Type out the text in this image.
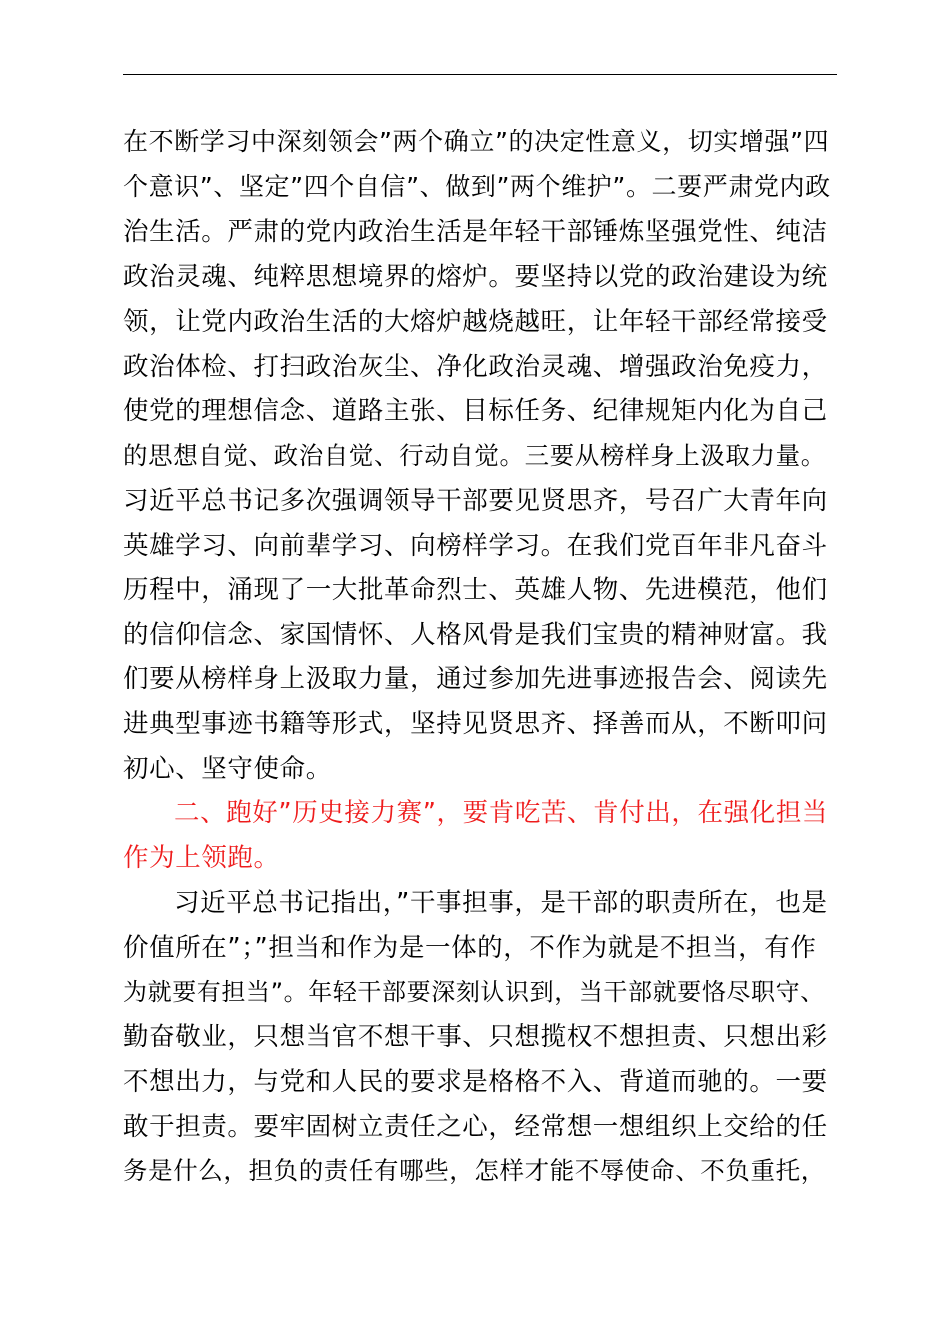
在不断学习中深刻领会”两个确立”的决定性意义，切实增强”四
个意识”、坚定”四个自信”、做到”两个维护”。二要严肃党内政
治生活。严肃的党内政治生活是年轻干部锤炼坚强党性、纯洁
政治灵魂、纯粹思想境界的熔炉。要坚持以党的政治建设为统
领，让党内政治生活的大熔炉越烧越旺，让年轻干部经常接受
政治体检、打扫政治灰尘、净化政治灵魂、增强政治免疫力，
使党的理想信念、道路主张、目标任务、纪律规矩内化为自己
的思想自觉、政治自觉、行动自觉。三要从榜样身上汲取力量。
习近平总书记多次强调领导干部要见贤思齐，号召广大青年向
英雄学习、向前辈学习、向榜样学习。在我们党百年非凡奋斗
历程中，涌现了一大批革命烈士、英雄人物、先进模范，他们
的信仰信念、家国情怀、人格风骨是我们宝贵的精神财富。我
们要从榜样身上汲取力量，通过参加先进事迹报告会、阅读先
进典型事迹书籍等形式，坚持见贤思齐、择善而从，不断叩问
初心、坚守使命。
二、跑好”历史接力赛”，要肯吃苦、肯付出，在强化担当
作为上领跑。
习近平总书记指出，”干事担事，是干部的职责所在，也是
价值所在”；”担当和作为是一体的，不作为就是不担当，有作
为就要有担当”。年轻干部要深刻认识到，当干部就要恪尽职守、
勤奋敬业，只想当官不想干事、只想揽权不想担责、只想出彩
不想出力，与党和人民的要求是格格不入、背道而驰的。一要
敢于担责。要牢固树立责任之心，经常想一想组织上交给的任
务是什么，担负的责任有哪些，怎样才能不辱使命、不负重托，
